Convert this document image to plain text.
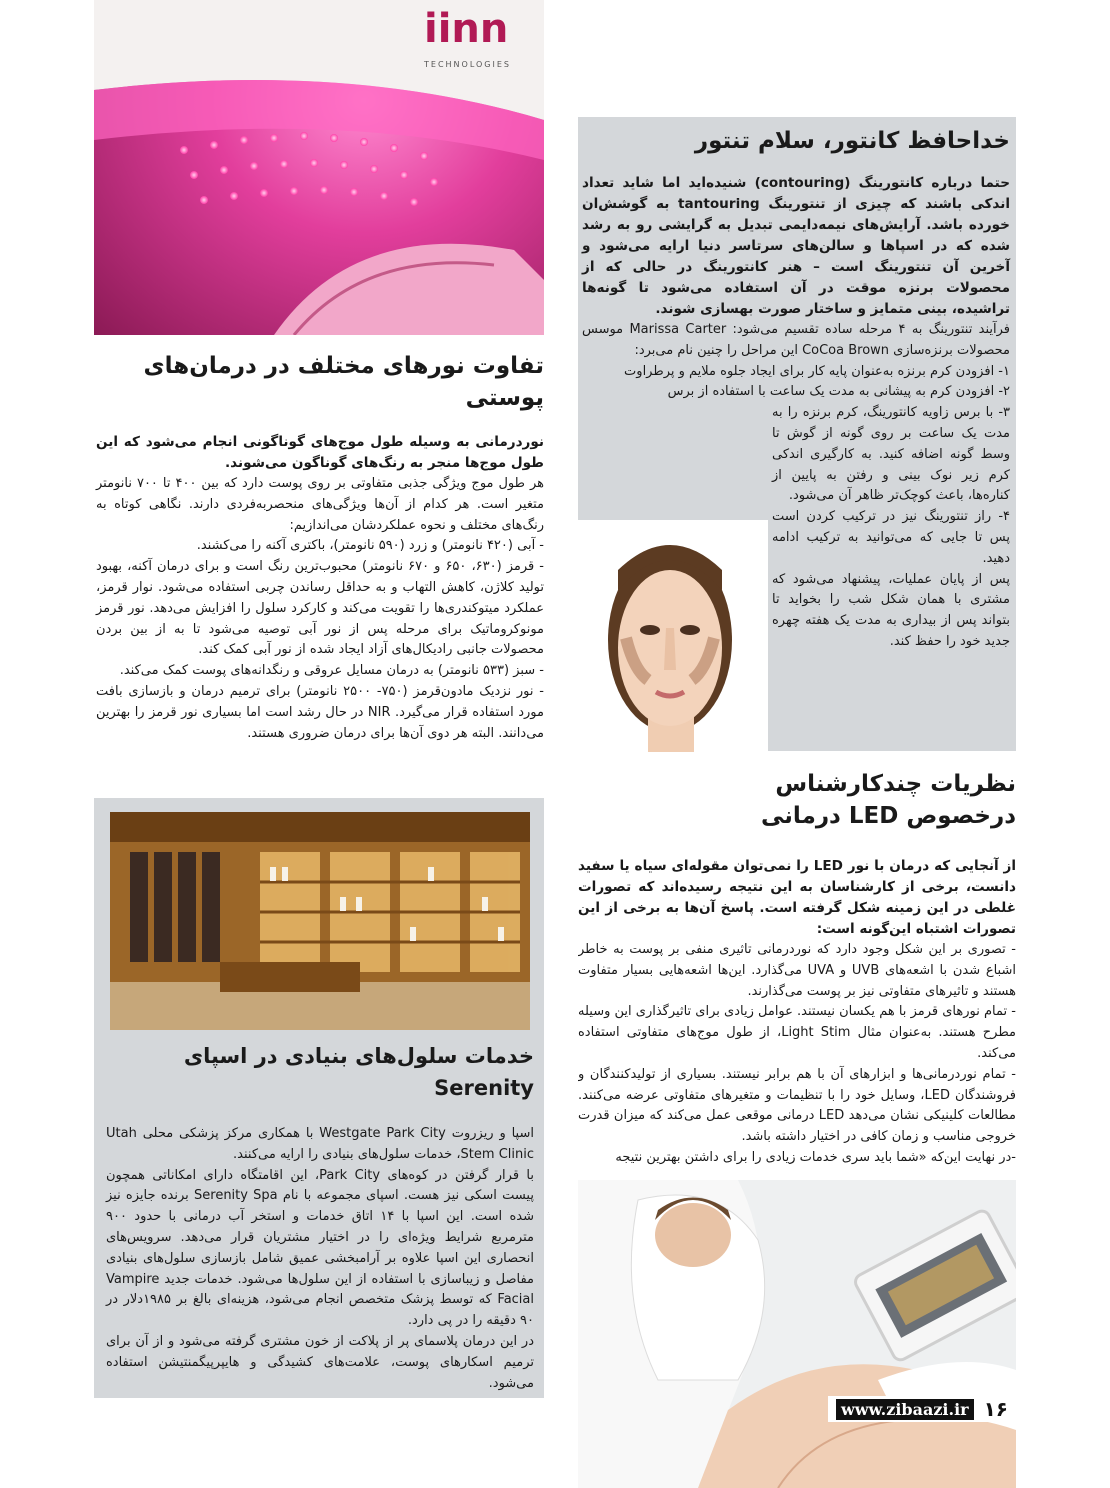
خداحافظ کانتور، سلام تنتور

حتما درباره کانتورینگ (contouring) شنیده‌اید اما شاید تعداد اندکی باشند که چیزی از تنتورینگ tantouring به گوشش‌ان خورده باشد. آرایش‌های نیمه‌دایمی تبدیل به گرایشی رو به رشد شده که در اسپاها و سالن‌های سرتاسر دنیا ارایه می‌شود و آخرین آن تنتورینگ است – هنر کانتورینگ در حالی که از محصولات برنزه موقت در آن استفاده می‌شود تا گونه‌ها تراشیده، بینی متمایز و ساختار صورت بهسازی شوند.

فرآیند تنتورینگ به ۴ مرحله ساده تقسیم می‌شود: Marissa Carter موسس محصولات برنزه‌سازی CoCoa Brown این مراحل را چنین نام می‌برد:

۱- افزودن کرم برنزه به‌عنوان پایه کار برای ایجاد جلوه ملایم و پرطراوت

۲- افزودن کرم به پیشانی به مدت یک ساعت با استفاده از برس

۳- با برس زاویه کانتورینگ، کرم برنزه را به مدت یک ساعت بر روی گونه از گوش تا وسط گونه اضافه کنید. به کارگیری اندکی کرم زیر نوک بینی و رفتن به پایین از کناره‌ها، باعث کوچک‌تر ظاهر آن می‌شود.

۴- راز تنتورینگ نیز در ترکیب کردن است پس تا جایی که می‌توانید به ترکیب ادامه دهید.

پس از پایان عملیات، پیشنهاد می‌شود که مشتری با همان شکل شب را بخواید تا بتواند پس از بیداری به مدت یک هفته چهره جدید خود را حفظ کند.

iinn
TECHNOLOGIES
تفاوت نورهای مختلف در درمان‌های پوستی

نوردرمانی به وسیله طول موج‌های گوناگونی انجام می‌شود که این طول موج‌ها منجر به رنگ‌های گوناگون می‌شوند.

هر طول موج ویژگی جذبی متفاوتی بر روی پوست دارد که بین ۴۰۰ تا ۷۰۰ نانومتر متغیر است. هر کدام از آن‌ها ویژگی‌های منحصربه‌فردی دارند. نگاهی کوتاه به رنگ‌های مختلف و نحوه عملکردشان می‌اندازیم:

- آبی (۴۲۰ نانومتر) و زرد (۵۹۰ نانومتر)، باکتری آکنه را می‌کشند.

- قرمز (۶۳۰، ۶۵۰ و ۶۷۰ نانومتر) محبوب‌ترین رنگ است و برای درمان آکنه، بهبود تولید کلاژن، کاهش التهاب و به حداقل رساندن چربی استفاده می‌شود. نوار قرمز، عملکرد میتوکندری‌ها را تقویت می‌کند و کارکرد سلول را افزایش می‌دهد. نور قرمز مونوکروماتیک برای مرحله پس از نور آبی توصیه می‌شود تا به از بین بردن محصولات جانبی رادیکال‌های آزاد ایجاد شده از نور آبی کمک کند.

- سبز (۵۳۳ نانومتر) به درمان مسایل عروقی و رنگدانه‌های پوست کمک می‌کند.

- نور نزدیک مادون‌قرمز (۷۵۰- ۲۵۰۰ نانومتر) برای ترمیم درمان و بازسازی بافت مورد استفاده قرار می‌گیرد. NIR در حال رشد است اما بسیاری نور قرمز را بهترین می‌دانند. البته هر دوی آن‌ها برای درمان ضروری هستند.

خدمات سلول‌های بنیادی در اسپای Serenity

اسپا و ریزروت Westgate Park City با همکاری مرکز پزشکی محلی Utah Stem Clinic، خدمات سلول‌های بنیادی را ارایه می‌کنند.

با قرار گرفتن در کوه‌های Park City، این اقامتگاه دارای امکاناتی همچون پیست اسکی نیز هست. اسپای مجموعه با نام Serenity Spa برنده جایزه نیز شده است. این اسپا با ۱۴ اتاق خدمات و استخر آب درمانی با حدود ۹۰۰ مترمربع شرایط ویژه‌ای را در اختیار مشتریان قرار می‌دهد. سرویس‌های انحصاری این اسپا علاوه بر آرامبخشی عمیق شامل بازسازی سلول‌های بنیادی مفاصل و زیباسازی با استفاده از این سلول‌ها می‌شود. خدمات جدید Vampire Facial که توسط پزشک متخصص انجام می‌شود، هزینه‌ای بالغ بر ۱۹۸۵دلار در ۹۰ دقیقه را در پی دارد.

در این درمان پلاسمای پر از پلاکت از خون مشتری گرفته می‌شود و از آن برای ترمیم اسکارهای پوست، علامت‌های کشیدگی و هایپرپیگمنتیشن استفاده می‌شود.

نظریات چندکارشناس
درخصوص LED درمانی

از آنجایی که درمان با نور LED را نمی‌توان مقوله‌ای سیاه یا سفید دانست، برخی از کارشناسان به این نتیجه رسیده‌اند که تصورات غلطی در این زمینه شکل گرفته است. پاسخ آن‌ها به برخی از این تصورات اشتباه این‌گونه است:

- تصوری بر این شکل وجود دارد که نوردرمانی تاثیری منفی بر پوست به خاطر اشباع شدن با اشعه‌های UVB و UVA می‌گذارد. این‌ها اشعه‌هایی بسیار متفاوت هستند و تاثیرهای متفاوتی نیز بر پوست می‌گذارند.

- تمام نورهای قرمز با هم یکسان نیستند. عوامل زیادی برای تاثیرگذاری این وسیله مطرح هستند. به‌عنوان مثال Light Stim، از طول موج‌های متفاوتی استفاده می‌کند.

- تمام نوردرمانی‌ها و ابزارهای آن با هم برابر نیستند. بسیاری از تولیدکنندگان و فروشندگان LED، وسایل خود را با تنظیمات و متغیرهای متفاوتی عرضه می‌کنند. مطالعات کلینیکی نشان می‌دهد LED درمانی موقعی عمل می‌کند که میزان قدرت خروجی مناسب و زمان کافی در اختیار داشته باشد.

-در نهایت این‌که «شما باید سری خدمات زیادی را برای داشتن بهترین نتیجه

www.zibaazi.ir ۱۶
